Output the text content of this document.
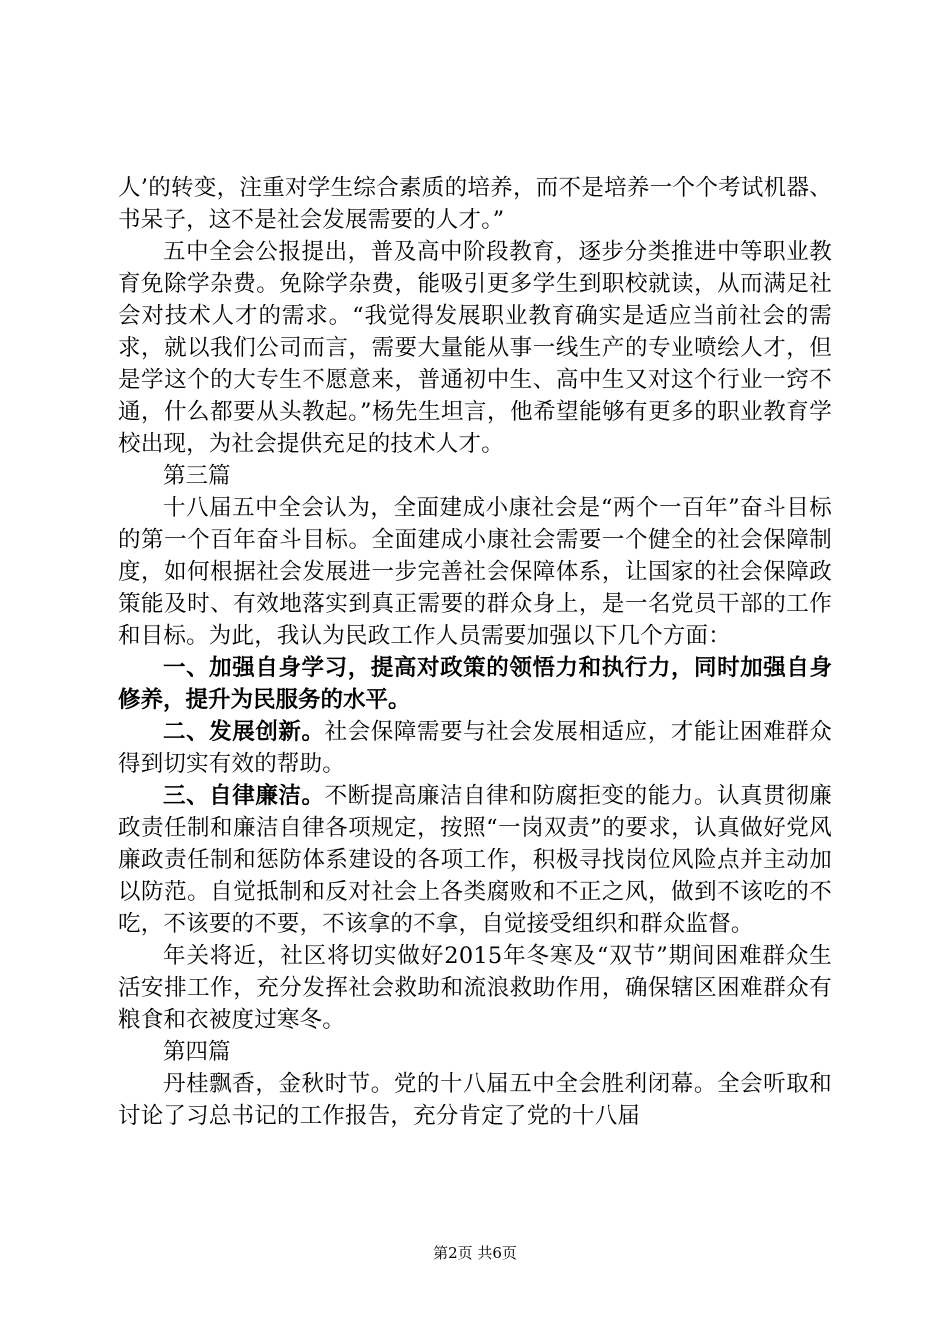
人’的转变，注重对学生综合素质的培养，而不是培养一个个考试机器、书呆子，这不是社会发展需要的人才。”

五中全会公报提出，普及高中阶段教育，逐步分类推进中等职业教育免除学杂费。免除学杂费，能吸引更多学生到职校就读，从而满足社会对技术人才的需求。“我觉得发展职业教育确实是适应当前社会的需求，就以我们公司而言，需要大量能从事一线生产的专业喷绘人才，但是学这个的大专生不愿意来，普通初中生、高中生又对这个行业一窍不通，什么都要从头教起。”杨先生坦言，他希望能够有更多的职业教育学校出现，为社会提供充足的技术人才。

第三篇

十八届五中全会认为，全面建成小康社会是“两个一百年”奋斗目标的第一个百年奋斗目标。全面建成小康社会需要一个健全的社会保障制度，如何根据社会发展进一步完善社会保障体系，让国家的社会保障政策能及时、有效地落实到真正需要的群众身上，是一名党员干部的工作和目标。为此，我认为民政工作人员需要加强以下几个方面：

一、加强自身学习，提高对政策的领悟力和执行力，同时加强自身修养，提升为民服务的水平。

二、发展创新。社会保障需要与社会发展相适应，才能让困难群众得到切实有效的帮助。

三、自律廉洁。不断提高廉洁自律和防腐拒变的能力。认真贯彻廉政责任制和廉洁自律各项规定，按照“一岗双责”的要求，认真做好党风廉政责任制和惩防体系建设的各项工作，积极寻找岗位风险点并主动加以防范。自觉抵制和反对社会上各类腐败和不正之风，做到不该吃的不吃，不该要的不要，不该拿的不拿，自觉接受组织和群众监督。

年关将近，社区将切实做好2015年冬寒及“双节”期间困难群众生活安排工作，充分发挥社会救助和流浪救助作用，确保辖区困难群众有粮食和衣被度过寒冬。

第四篇

丹桂飘香，金秋时节。党的十八届五中全会胜利闭幕。全会听取和讨论了习总书记的工作报告，充分肯定了党的十八届

第2页 共6页
